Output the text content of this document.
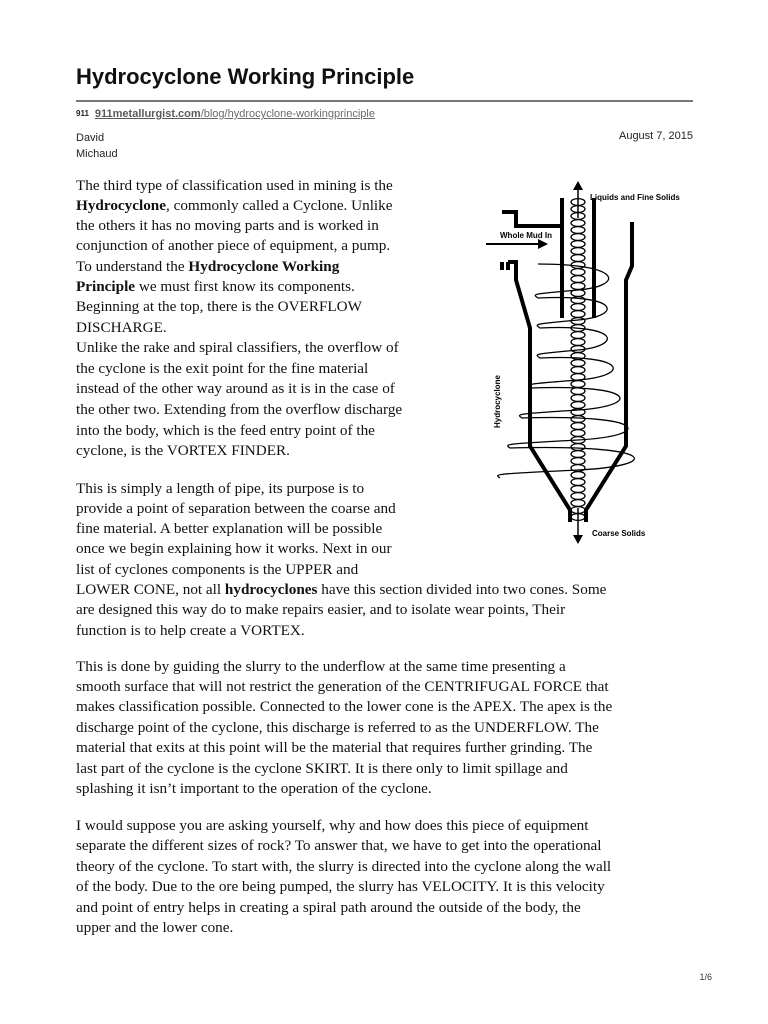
Hydrocyclone Working Principle
911 911metallurgist.com/blog/hydrocyclone-workingprinciple
David
Michaud
August 7, 2015
The third type of classification used in mining is the
Hydrocyclone, commonly called a Cyclone. Unlike
the others it has no moving parts and is worked in
conjunction of another piece of equipment, a pump.
To understand the Hydrocyclone Working
Principle we must first know its components.
Beginning at the top, there is the OVERFLOW
DISCHARGE.
Unlike the rake and spiral classifiers, the overflow of
the cyclone is the exit point for the fine material
instead of the other way around as it is in the case of
the other two. Extending from the overflow discharge
into the body, which is the feed entry point of the
cyclone, is the VORTEX FINDER.
This is simply a length of pipe, its purpose is to
provide a point of separation between the coarse and
fine material. A better explanation will be possible
once we begin explaining how it works. Next in our
list of cyclones components is the UPPER and
LOWER CONE, not all hydrocyclones have this section divided into two cones. Some
are designed this way do to make repairs easier, and to isolate wear points, Their
function is to help create a VORTEX.
This is done by guiding the slurry to the underflow at the same time presenting a
smooth surface that will not restrict the generation of the CENTRIFUGAL FORCE that
makes classification possible. Connected to the lower cone is the APEX. The apex is the
discharge point of the cyclone, this discharge is referred to as the UNDERFLOW. The
material that exits at this point will be the material that requires further grinding. The
last part of the cyclone is the cyclone SKIRT. It is there only to limit spillage and
splashing it isn’t important to the operation of the cyclone.
I would suppose you are asking yourself, why and how does this piece of equipment
separate the different sizes of rock? To answer that, we have to get into the operational
theory of the cyclone. To start with, the slurry is directed into the cyclone along the wall
of the body. Due to the ore being pumped, the slurry has VELOCITY. It is this velocity
and point of entry helps in creating a spiral path around the outside of the body, the
upper and the lower cone.
Liquids and Fine Solids
Whole Mud In
Hydrocyclone
Coarse Solids
1/6
